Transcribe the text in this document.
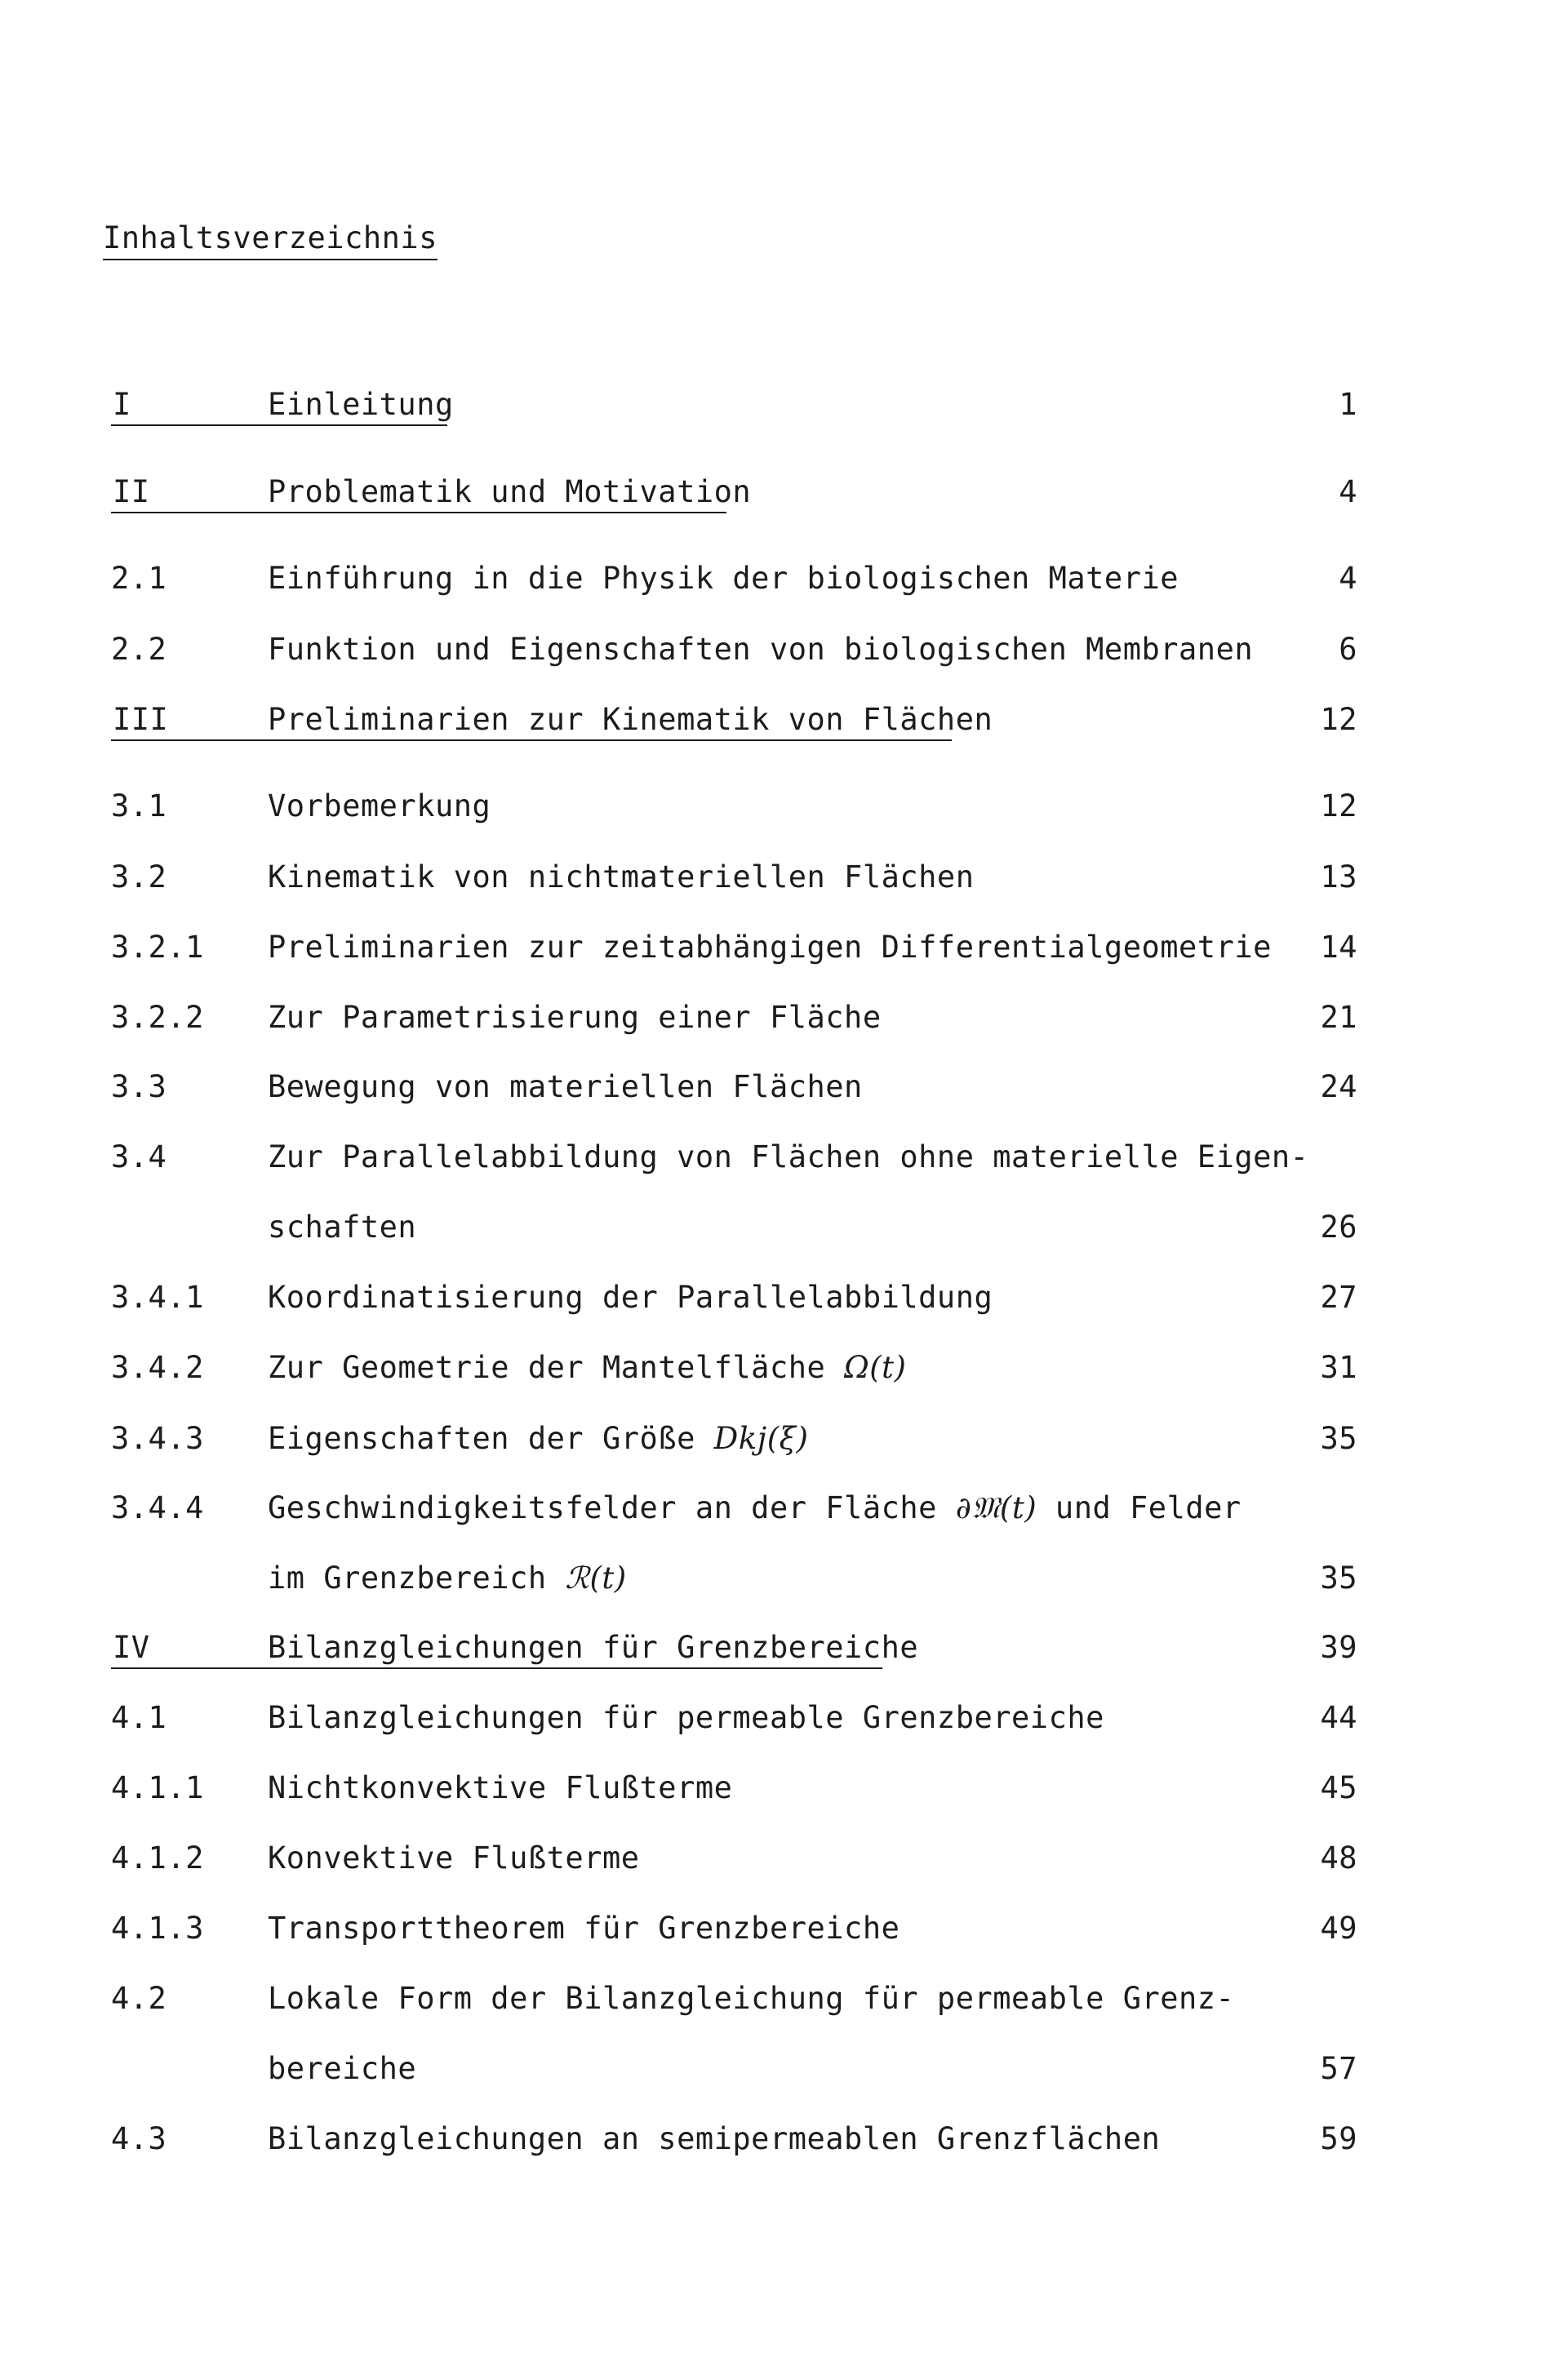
Inhaltsverzeichnis
I	Einleitung	1
II	Problematik und Motivation	4
2.1	Einführung in die Physik der biologischen Materie	4
2.2	Funktion und Eigenschaften von biologischen Membranen	6
III	Preliminarien zur Kinematik von Flächen	12
3.1	Vorbemerkung	12
3.2	Kinematik von nichtmateriellen Flächen	13
3.2.1 Preliminarien zur zeitabhängigen Differentialgeometrie 14
3.2.2 Zur Parametrisierung einer Fläche	21
3.3	Bewegung von materiellen Flächen	24
3.4	Zur Parallelabbildung von Flächen ohne materielle Eigen-
schaften	26
3.4.1 Koordinatisierung der Parallelabbildung	27
3.4.2 Zur Geometrie der Mantelfläche Ω(t)	31
3.4.3 Eigenschaften der Größe Dkj(ξ)	35
3.4.4 Geschwindigkeitsfelder an der Fläche ∂𝔐(t) und Felder
im Grenzbereich ℛ(t)	35
IV	Bilanzgleichungen für Grenzbereiche	39
4.1	Bilanzgleichungen für permeable Grenzbereiche	44
4.1.1 Nichtkonvektive Flußterme	45
4.1.2 Konvektive Flußterme	48
4.1.3 Transporttheorem für Grenzbereiche	49
4.2	Lokale Form der Bilanzgleichung für permeable Grenz-
bereiche	57
4.3	Bilanzgleichungen an semipermeablen Grenzflächen	59
